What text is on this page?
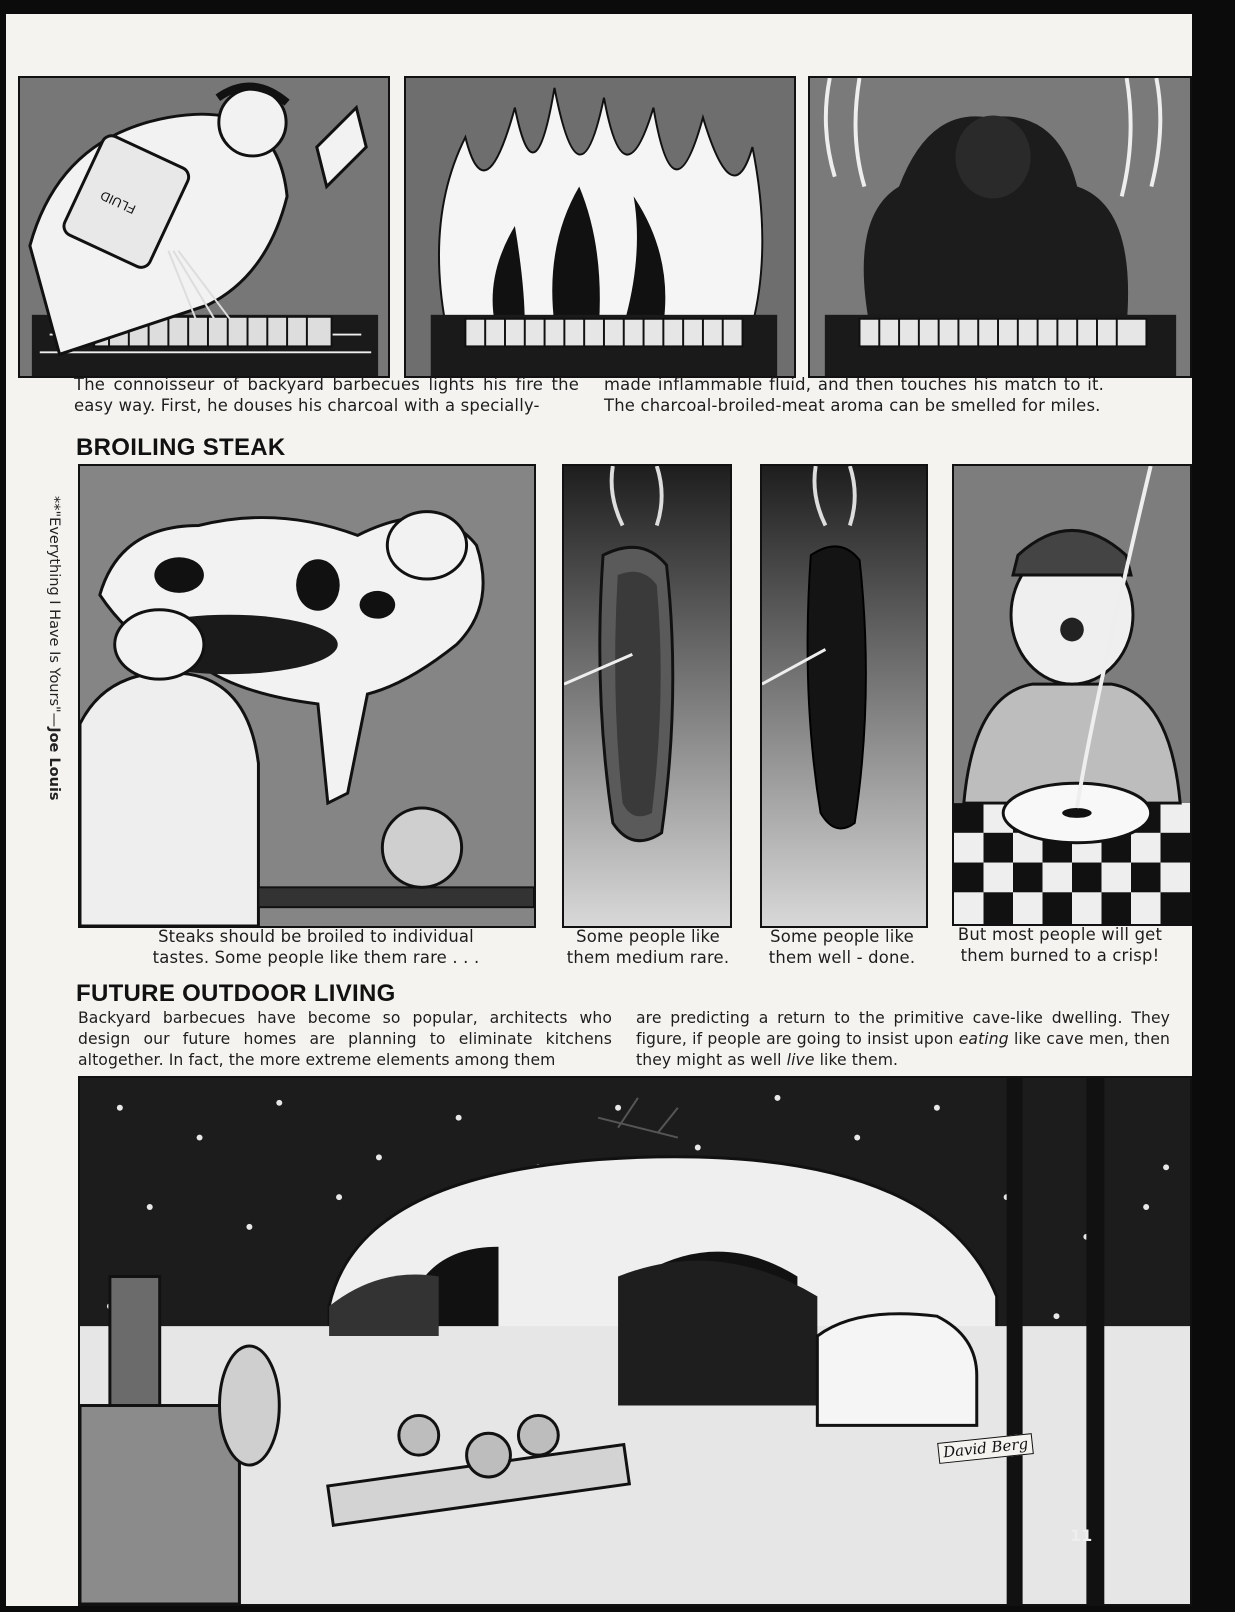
FLUID
The connoisseur of backyard barbecues lights his fire the easy way. First, he douses his charcoal with a specially-
made inflammable fluid, and then touches his match to it. The charcoal-broiled-meat aroma can be smelled for miles.
BROILING STEAK
Steaks should be broiled to individual tastes. Some people like them rare . . .
Some people like them medium rare.
Some people like them well - done.
But most people will get them burned to a crisp!
FUTURE OUTDOOR LIVING
Backyard barbecues have become so popular, architects who design our future homes are planning to eliminate kitchens altogether. In fact, the more extreme elements among them
are predicting a return to the primitive cave-like dwelling. They figure, if people are going to insist upon eating like cave men, then they might as well live like them.
David Berg
11
**"Everything I Have Is Yours"—Joe Louis
